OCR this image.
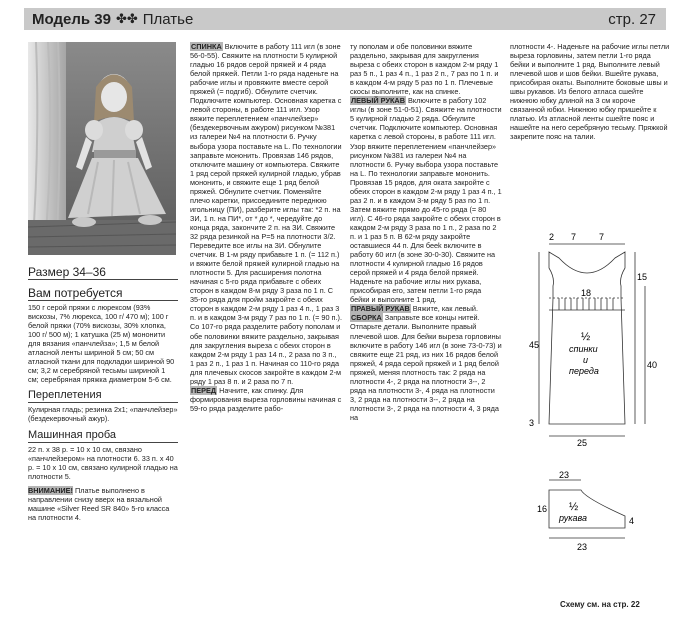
Модель 39 ✤✤ Платье	стр. 27
Размер 34–36
Вам потребуется

150 г серой пряжи с люрексом (93% вискозы, 7% люрекса, 100 г/ 470 м); 100 г белой пряжи (70% вискозы, 30% хлопка, 100 г/ 500 м); 1 катушка (25 м) мононити для вязания «панчлейза»; 1,5 м белой атласной ленты шириной 5 см; 50 см атласной ткани для подкладки шириной 90 см; 3,2 м серебряной тесьмы шириной 1 см; серебряная пряжка диаметром 5-6 см.

Переплетения

Кулирная гладь; резинка 2х1; «панчлейзер» (бездекервочный ажур).

Машинная проба

22 п. х 38 р. = 10 х 10 см, связано «панчлейзером» на плотности 6. 33 п. х 40 р. = 10 х 10 см, связано кулирной гладью на плотности 5.

ВНИМАНИЕ! Платье выполнено в направлении снизу вверх на вязальной машине «Silver Reed SR 840» 5-го класса на плотности 4.

СПИНКА Включите в работу 111 игл (в зоне 56-0-55). Свяжите на плотности 5 кулирной гладью 16 рядов серой пряжей и 4 ряда белой пряжей. Петли 1-го ряда наденьте на рабочие иглы и провяжите вместе серой пряжей (= подгиб). Обнулите счетчик. Подключите компьютер. Основная каретка с левой стороны, в работе 111 игл. Узор вяжите переплетением «панчлейзер» (бездекервочным ажуром) рисунком №381 из галереи №4 на плотности 6. Ручку выбора узора поставьте на L. По технологии заправьте мононить. Провязав 146 рядов, отключите машину от компьютера. Свяжите 1 ряд серой пряжей кулирной гладью, убрав мононить, и свяжите еще 1 ряд белой пряжей. Обнулите счетчик. Поменяйте плечо каретки, присоедините переднюю игольницу (ПИ), разберите иглы так: *2 п. на ЗИ, 1 п. на ПИ*, от * до *, чередуйте до конца ряда, закончите 2 п. на ЗИ. Свяжите 32 ряда резинкой на Р=5 на плотности 3/2. Переведите все иглы на ЗИ. Обнулите счетчик. В 1-м ряду прибавьте 1 п. (= 112 п.) и вяжите белой пряжей кулирной гладью на плотности 5. Для расширения полотна начиная с 5-го ряда прибавьте с обеих сторон в каждом 8-м ряду 3 раза по 1 п. С 35-го ряда для пройм закройте с обеих сторон в каждом 2-м ряду 1 раз 4 п., 1 раз 3 п. и в каждом 3-м ряду 7 раз по 1 п. (= 90 п.). Со 107-го ряда разделите работу пополам и обе половинки вяжите раздельно, закрывая для закругления выреза с обеих сторон в каждом 2-м ряду 1 раз 14 п., 2 раза по 3 п., 1 раз 2 п., 1 раз 1 п. Начиная со 110-го ряда для плечевых скосов закройте в каждом 2-м ряду 1 раз 8 п. и 2 раза по 7 п.

ПЕРЕД Начните, как спинку. Для формирования выреза горловины начиная с 59-го ряда разделите рабо-

ту пополам и обе половинки вяжите раздельно, закрывая для закругления выреза с обеих сторон в каждом 2-м ряду 1 раз 5 п., 1 раз 4 п., 1 раз 2 п., 7 раз по 1 п. и в каждом 4-м ряду 5 раз по 1 п. Плечевые скосы выполните, как на спинке.

ЛЕВЫЙ РУКАВ Включите в работу 102 иглы (в зоне 51-0-51). Свяжите на плотности 5 кулирной гладью 2 ряда. Обнулите счетчик. Подключите компьютер. Основная каретка с левой стороны, в работе 111 игл. Узор вяжите переплетением «панчлейзер» рисунком №381 из галереи №4 на плотности 6. Ручку выбора узора поставьте на L. По технологии заправьте мононить. Провязав 15 рядов, для оката закройте с обеих сторон в каждом 2-м ряду 1 раз 4 п., 1 раз 2 п. и в каждом 3-м ряду 5 раз по 1 п. Затем вяжите прямо до 45-го ряда (= 80 игл). С 46-го ряда закройте с обеих сторон в каждом 2-м ряду 3 раза по 1 п., 2 раза по 2 п. и 1 раз 5 п. В 62-м ряду закройте оставшиеся 44 п. Для бееk включите в работу 60 игл (в зоне 30-0-30). Свяжите на плотности 4 кулирной гладью 16 рядов серой пряжей и 4 ряда белой пряжей. Наденьте на рабочие иглы ниx рукава, присобирая его, затем петли 1-го ряда бейки и выполните 1 ряд.

ПРАВЫЙ РУКАВ Вяжите, как левый.

СБОРКА Заправьте все концы нитей. Отпарьте детали. Выполните правый плечевой шов. Для бейки выреза горловины включите в работу 146 игл (в зоне 73-0-73) и свяжите еще 21 ряд, из них 16 рядов белой пряжей, 4 ряда серой пряжей и 1 ряд белой пряжей, меняя плотность так: 2 ряда на плотности 4-, 2 ряда на плотности 3--, 2 ряда на плотности 3-, 4 ряда на плотности 3, 2 ряда на плотности 3--, 2 ряда на плотности 3-, 2 ряда на плотности 4, 3 ряда на

плотности 4-. Наденьте на рабочие иглы петли выреза горловины, затем петли 1-го ряда бейки и выполните 1 ряд. Выполните левый плечевой шов и шов бейки. Вшейте рукава, присобирая окаты. Выполните боковые швы и швы рукавов. Из белого атласа сшейте нижнюю юбку длиной на 3 см короче связанной юбки. Нижнюю юбку пришейте к платью. Из атласной ленты сшейте пояс и нашейте на него серебряную тесьму. Пряжкой закрепите пояс на талии.

2 7	7
15
40
45
3
18
25
½
спинки
и
переда
23
16
4
½
рукава
23
Схему см. на стр. 22
